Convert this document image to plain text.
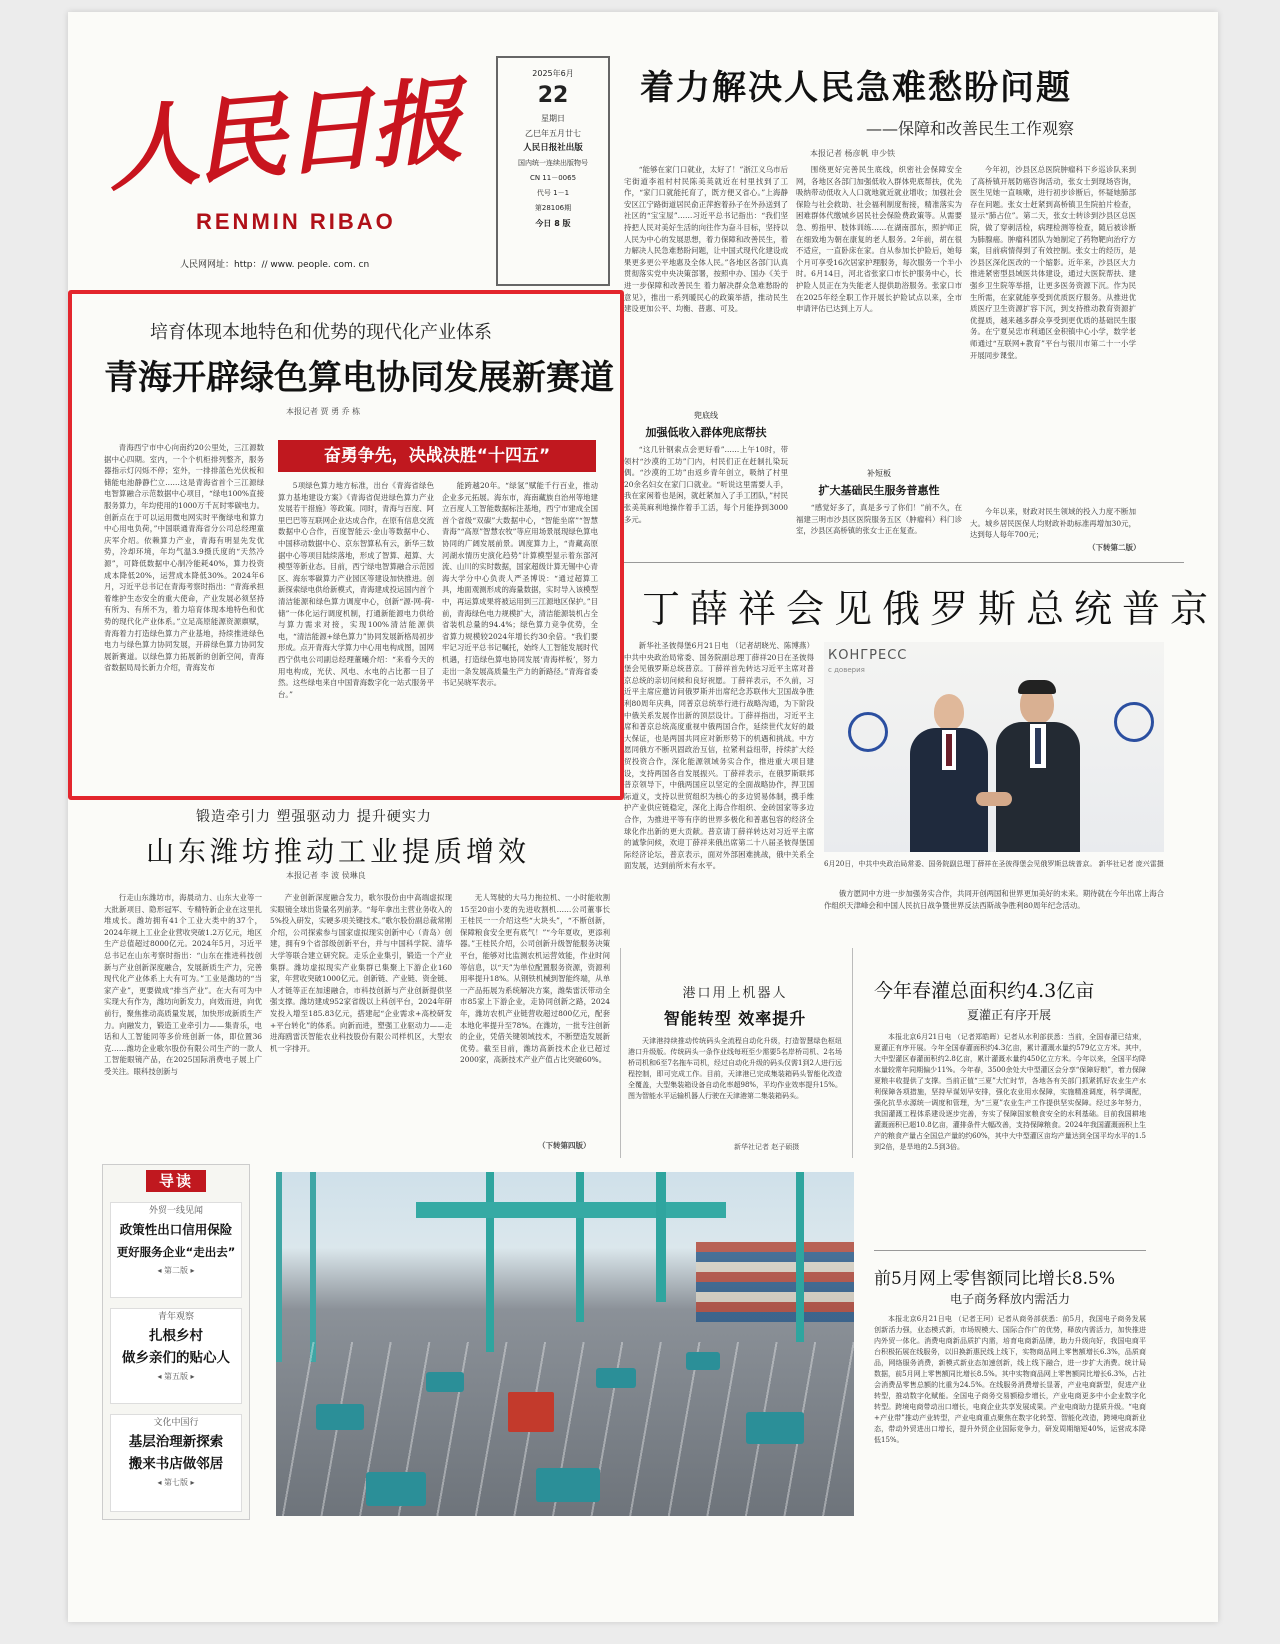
人民日报
RENMIN RIBAO
人民网网址：http：// www. people. com. cn
2025年6月
22
星期日
乙巳年五月廿七
人民日报社出版
国内统一连续出版物号
CN 11－0065
代号 1－1
第28106期
今日 8 版
着力解决人民急难愁盼问题
——保障和改善民生工作观察
本报记者 杨彦帆 申少铁

“能够在家门口就业，太好了！”浙江义乌市后宅街道李祖村村民陈美英就近在村里找到了工作，“家门口就能托育了，既方便又省心。”上海静安区江宁路街道居民俞正萍抱着孙子在外孙送到了社区的“宝宝屋”……习近平总书记指出：“我们坚持把人民对美好生活的向往作为奋斗目标，坚持以人民为中心的发展思想，着力保障和改善民生，着力解决人民急难愁盼问题，让中国式现代化建设成果更多更公平地惠及全体人民。”各地区各部门认真贯彻落实党中央决策部署，按照中办、国办《关于进一步保障和改善民生 着力解决群众急难愁盼的意见》，推出一系列暖民心的政策举措，推动民生建设更加公平、均衡、普惠、可及。

兜底线
加强低收入群体兜底帮扶

“这几针钢索点会更好看”……上午10时，带领村“沙漠的工坊”门内，村民们正在赶制扎染玩偶。“沙漠的工坊”由返乡青年创立，吸纳了村里20余名妇女在家门口就业。“听说这里需要人手，我在家闲着也是闲，就赶紧加入了手工团队，”村民张美英麻利地操作着手工活，每个月能挣到3000多元。

围绕更好完善民生底线，织密社会保障安全网，各地区各部门加强低收入群体兜底帮扶，优先吸纳带动低收入人口就地就近就业增收；加强社会保险与社会救助、社会福利制度衔接，精准落实为困难群体代缴城乡居民社会保险费政策等。从需要急、剪指甲、肢体训练……在湖南邵东，照护师正在细致地为朝在康复的老人服务。2年前，胡在很不适应，一直卧床在家。自从参加长护险后，她每个月可享受16次居家护理服务，每次服务一个半小时。6月14日，河北省张家口市长护服务中心，长护险人员正在为失能老人提供助浴服务。张家口市在2025年经全职工作开展长护险试点以来，全市申请评估已达到上万人。

补短板
扩大基础民生服务普惠性

“感觉好多了，真是多亏了你们！”前不久，在福建三明市沙县区医院服务五区（肿瘤科）科门诊室，沙县区高桥镇的张女士正在复查。

今年初，沙县区总医院肿瘤科下乡巡诊队来到了高桥镇开展防癌咨询活动，张女士到现场咨询，医生见她一直咳嗽，进行初步诊断后，怀疑她肺部存在问题。张女士赶紧到高桥镇卫生院拍片检查，显示“肺占位”。第二天，张女士转诊到沙县区总医院，做了穿刺活检，病理检测等检查，随后被诊断为肺腺癌。肿瘤科团队为她制定了药物靶向治疗方案，目前病情得到了有效控制。张女士的经历，是沙县区深化医改的一个缩影。近年来，沙县区大力推进紧密型县域医共体建设，通过大医院帮扶、建强乡卫生院等举措，让更多医务资源下沉。作为民生所需，在家就能享受到优质医疗服务。从推进优质医疗卫生资源扩容下沉，到支持推动教育资源扩优提质，越来越多群众享受到更优质的基础民生服务。在宁夏吴忠市利通区金积镇中心小学，数学老师通过“互联网+教育”平台与银川市第二十一小学开展同步课堂。

今年以来，财政对民生领域的投入力度不断加大。城乡居民医保人均财政补助标准再增加30元，达到每人每年700元；

（下转第二版）
培育体现本地特色和优势的现代化产业体系
青海开辟绿色算电协同发展新赛道
本报记者 贾 勇 乔 栋
奋勇争先，决战决胜“十四五”

青海西宁市中心向南约20公里处，三江源数据中心四期。室内，一个个机柜排列整齐，服务器指示灯闪烁不停；室外，一排排蓝色光伏板和储能电池静静伫立……这是青海省首个三江源绿电智算融合示范数据中心项目，“绿电100%直接服务算力，年均使用的1000万千瓦时零碳电力。创新点在于可以运用微电网实时平衡绿电和算力中心用电负荷，”中国联通青海省分公司总经理童庆军介绍。依赖算力产业，青海有明显先发优势，冷却环境，年均气温3.9摄氏度的“天然冷源”，可降低数据中心制冷能耗40%，算力投资成本降低20%，运营成本降低30%。2024年6月，习近平总书记在青海考察时指出：“青海承担着维护生态安全的重大使命，产业发展必须坚持有所为、有所不为，着力培育体现本地特色和优势的现代化产业体系。”立足高原能源资源禀赋，青海着力打造绿色算力产业基地，持续推进绿色电力与绿色算力协同发展，开辟绿色算力协同发展新赛道。以绿色算力拓展新的创新空间，青海省数据局局长新力介绍，青海发布

5项绿色算力地方标准，出台《青海省绿色算力基地建设方案》《青海省促进绿色算力产业发展若干措施》等政策。同时，青海与百度、阿里巴巴等互联网企业达成合作，在原有信息交流数据中心合作，百度智能云·金山等数据中心、中国移动数据中心、京东智算私有云，新华三数据中心等项目陆续落地，形成了智算、超算、大模型等新业态。目前，西宁绿电智算融合示范园区、海东零碳算力产业园区等建设加快推进。创新探索绿电供给新模式，青海建成投运国内首个清洁能源和绿色算力调度中心，创新“源-网-荷-储”一体化运行调度机制，打通新能源电力供给与算力需求对接，实现100%清洁能源供电，“清洁能源+绿色算力”协同发展新格局初步形成。点开青海大学算力中心用电构成图，国网西宁供电公司副总经理董曦介绍：“来看今天的用电构成，光伏、风电、水电的占比都一目了然。这些绿电来自中国青海数字化一站式服务平台。”

能跨越20年。“绿氢”赋能千行百业，推动企业多元拓展。海东市，海南藏族自治州等地建立百度人工智能数据标注基地，西宁市建成全国首个省级“双碳”大数据中心，“智能坐席”“智慧青海”“高原”智慧农牧”等应用场景展现绿色算电协同的广阔发展前景。调度算力上，“青藏高原河湖水情历史演化趋势”计算模型显示着东部河流、山川的实时数据，国家超级计算无锡中心青海大学分中心负责人严圣博说：“通过超算工具，地面观测形成的海量数据，实时导入该模型中，再运算成果将被运用到三江源地区保护。”目前，青海绿色电力规模扩大，清洁能源装机占全省装机总量的94.4%；绿色算力竞争优势，全省算力规模较2024年增长约30余倍。“我们要牢记习近平总书记嘱托，始终人工智能发展时代机遇，打造绿色算电协同发展‘青海样板’，努力走出一条发展高质量生产力的新路径。”青海省委书记吴晓军表示。

丁薛祥会见俄罗斯总统普京

新华社圣彼得堡6月21日电 （记者胡晓光、陈博燕）中共中央政治局常委、国务院副总理丁薛祥20日在圣彼得堡会见俄罗斯总统普京。丁薛祥首先转达习近平主席对普京总统的亲切问候和良好祝愿。丁薛祥表示，不久前，习近平主席应邀访问俄罗斯并出席纪念苏联伟大卫国战争胜利80周年庆典，同普京总统举行进行战略沟通，为下阶段中俄关系发展作出新的顶层设计。丁薛祥指出，习近平主席和普京总统高度重视中俄两国合作，延续世代友好的最大保证，也是两国共同应对新形势下的机遇和挑战。中方愿同俄方不断巩固政治互信，拉紧利益纽带，持续扩大经贸投资合作，深化能源领域务实合作，推进重大项目建设，支持两国各自发展振兴。丁薛祥表示，在俄罗斯联邦普京领导下，中俄两国应以坚定的全面战略协作，捍卫国际道义，支持以世贸组织为核心的多边贸易体制，携手维护产业供应链稳定，深化上海合作组织、金砖国家等多边合作，为推进平等有序的世界多极化和普惠包容的经济全球化作出新的更大贡献。普京请丁薛祥转达对习近平主席的诚挚问候，欢迎丁薛祥来俄出席第二十八届圣彼得堡国际经济论坛，普京表示，面对外部困难挑战，俄中关系全面发展，达到前所未有水平。

КОНГРЕСС
с доверия

6月20日，中共中央政治局常委、国务院副总理丁薛祥在圣彼得堡会见俄罗斯总统普京。 新华社记者 庞兴雷摄

俄方愿同中方进一步加强务实合作，共同开创两国和世界更加美好的未来。期待就在今年出席上海合作组织天津峰会和中国人民抗日战争暨世界反法西斯战争胜利80周年纪念活动。

锻造牵引力 塑强驱动力 提升硬实力
山东潍坊推动工业提质增效
本报记者 李 波 侯琳良

行走山东潍坊市，海晨动力、山东大业等一大批新项目、隐形冠军、专精特新企业在这里扎堆成长。潍坊拥有41个工业大类中的37个，2024年规上工业企业营收突破1.2万亿元，地区生产总值超过8000亿元。2024年5月，习近平总书记在山东考察时指出：“山东在推进科技创新与产业创新深度融合，发展新质生产力，完善现代化产业体系上大有可为。”工业是潍坊的“当家产业”，更要做成“排当产业”。在大有可为中实现大有作为，潍坊向新发力，向效而进，向优前行，聚焦推动高质量发展，加快形成新质生产力。向融发力，锻造工业牵引力——集青乐，电话和人工智能同等多价班创新一体，即位置36克……潍坊企业歌尔股份有限公司生产的一款人工智能眼镜产品，在2025国际消费电子展上广受关注。眼科技创新与

产业创新深度融合发力，歌尔股份由中高端虚拟现实眼镜全球出货量名列前茅。“每年拿出主营业务收入的5%投入研发，实硬多项关键技术。”歌尔股份副总裁常刚介绍，公司探索参与国家虚拟现实创新中心（青岛）创建，拥有9个省部级创新平台，并与中国科学院、清华大学等联合建立研究院。走乐企业集引，锻造一个产业集群。潍坊虚拟现实产业集群已集聚上下游企业160家，年营收突破1000亿元。创新链、产业链、资金链、人才链等正在加速融合，市科技创新与产业创新提供坚强支撑。潍坊建成952家省级以上科创平台，2024年研发投入增至185.83亿元，搭建起“企业需求+高校研发+平台转化”的体系。向新而进，塑强工业驱动力——走进海鸥雷沃智能农业科技股份有限公司样机区，大型农机一字排开。

无人驾驶的大马力拖拉机、一小时能收割15至20亩小麦的先进收割机……公司董事长王桂民一一介绍这些“大块头”，“不断创新，保障粮食安全更有底气！”“今年夏收，更添利器。”王桂民介绍，公司创新升级智能服务决策平台，能够对比监测农机运营效能，作业时间等信息，以“天”为单位配置服务资源，资源利用率提升18%。从钢铁机械到智能终端，从单一产品拓展为系统解决方案，潍柴雷沃带动全市85家上下游企业，走协同创新之路，2024年，潍坊农机产业链营收超过800亿元，配套本地化率提升至78%。在潍坊，一批专注创新的企业，凭借关键领域技术，不断塑造发展新优势。截至目前，潍坊高新技术企业已超过2000家，高新技术产业产值占比突破60%。

（下转第四版）
港口用上机器人
智能转型 效率提升

天津港持续推动传统码头全流程自动化升级，打造智慧绿色枢纽港口升级版。传统码头一条作业线每班至少需要5名岸桥司机、2名场桥司机和6至7名拖车司机，经过自动化升级的码头仅需1到2人进行远程控制，即可完成工作。目前，天津港已完成集装箱码头智能化改造全覆盖，大型集装箱设备自动化率超98%，平均作业效率提升15%。图为智能水平运输机器人行驶在天津港第二集装箱码头。

新华社记者 赵子硕摄
今年春灌总面积约4.3亿亩
夏灌正有序开展

本报北京6月21日电 （记者郑皓晖）记者从水利部获悉：当前，全国春灌已结束，夏灌正有序开展。今年全国春灌面积约4.3亿亩，累计灌溉水量约579亿立方米。其中，大中型灌区春灌面积约2.8亿亩，累计灌溉水量约450亿立方米。今年以来，全国平均降水量较常年同期偏少11%。今年春，3500余处大中型灌区会分享“保障好粮”，着力保障夏粮丰收提供了支撑。当前正值“三夏”大忙时节，各地各有关部门抓紧抓好农业生产水利保障各项措施，坚持早谋划早安排，强化农业用水保障，实施精准调度，科学调配，强化抗旱水源统一调度和管理，为“三夏”农业生产工作提供坚实保障。经过多年努力，我国灌溉工程体系建设逐步完善，夯实了保障国家粮食安全的水利基础。目前我国耕地灌溉面积已超10.8亿亩，灌排条件大幅改善，支持保障粮食。2024年我国灌溉面积上生产的粮食产量占全国总产量的约60%，其中大中型灌区亩均产量达到全国平均水平的1.5到2倍，是旱地的2.5到3倍。

前5月网上零售额同比增长8.5%
电子商务释放内需活力

本报北京6月21日电 （记者王珂）记者从商务部获悉：前5月，我国电子商务发展创新活力强，业态模式新，市场规模大、国际合作广的优势，释放内需活力，加快推进内外贸一体化。消费电商新品质扩内需，培育电商新品牌，助力升级向好，我国电商平台积极拓展在线服务，以旧换新惠民线上线下，实物商品网上零售额增长6.3%，品质商品，网络服务消费，新模式新业态加速创新，线上线下融合，进一步扩大消费。统计局数据，前5月网上零售额同比增长8.5%。其中实物商品网上零售额同比增长6.3%，占社会消费品零售总额的比重为24.5%。在线服务消费增长显著，产业电商新型，促进产业转型，推动数字化赋能。全国电子商务交易额稳步增长，产业电商更多中小企业数字化转型。跨境电商带动出口增长，电商企业共享发展成果。产业电商助力提质升级。“电商+产业带”推动产业转型，产业电商重点聚焦在数字化转型、智能化改造，跨境电商新业态，带动外贸进出口增长，提升外贸企业国际竞争力，研发周期缩短40%，运营成本降低15%。

导读
外贸一线见闻
政策性出口信用保险
更好服务企业“走出去”
◂ 第二版 ▸
青年观察
扎根乡村
做乡亲们的贴心人
◂ 第五版 ▸
文化中国行
基层治理新探索
搬来书店做邻居
◂ 第七版 ▸
